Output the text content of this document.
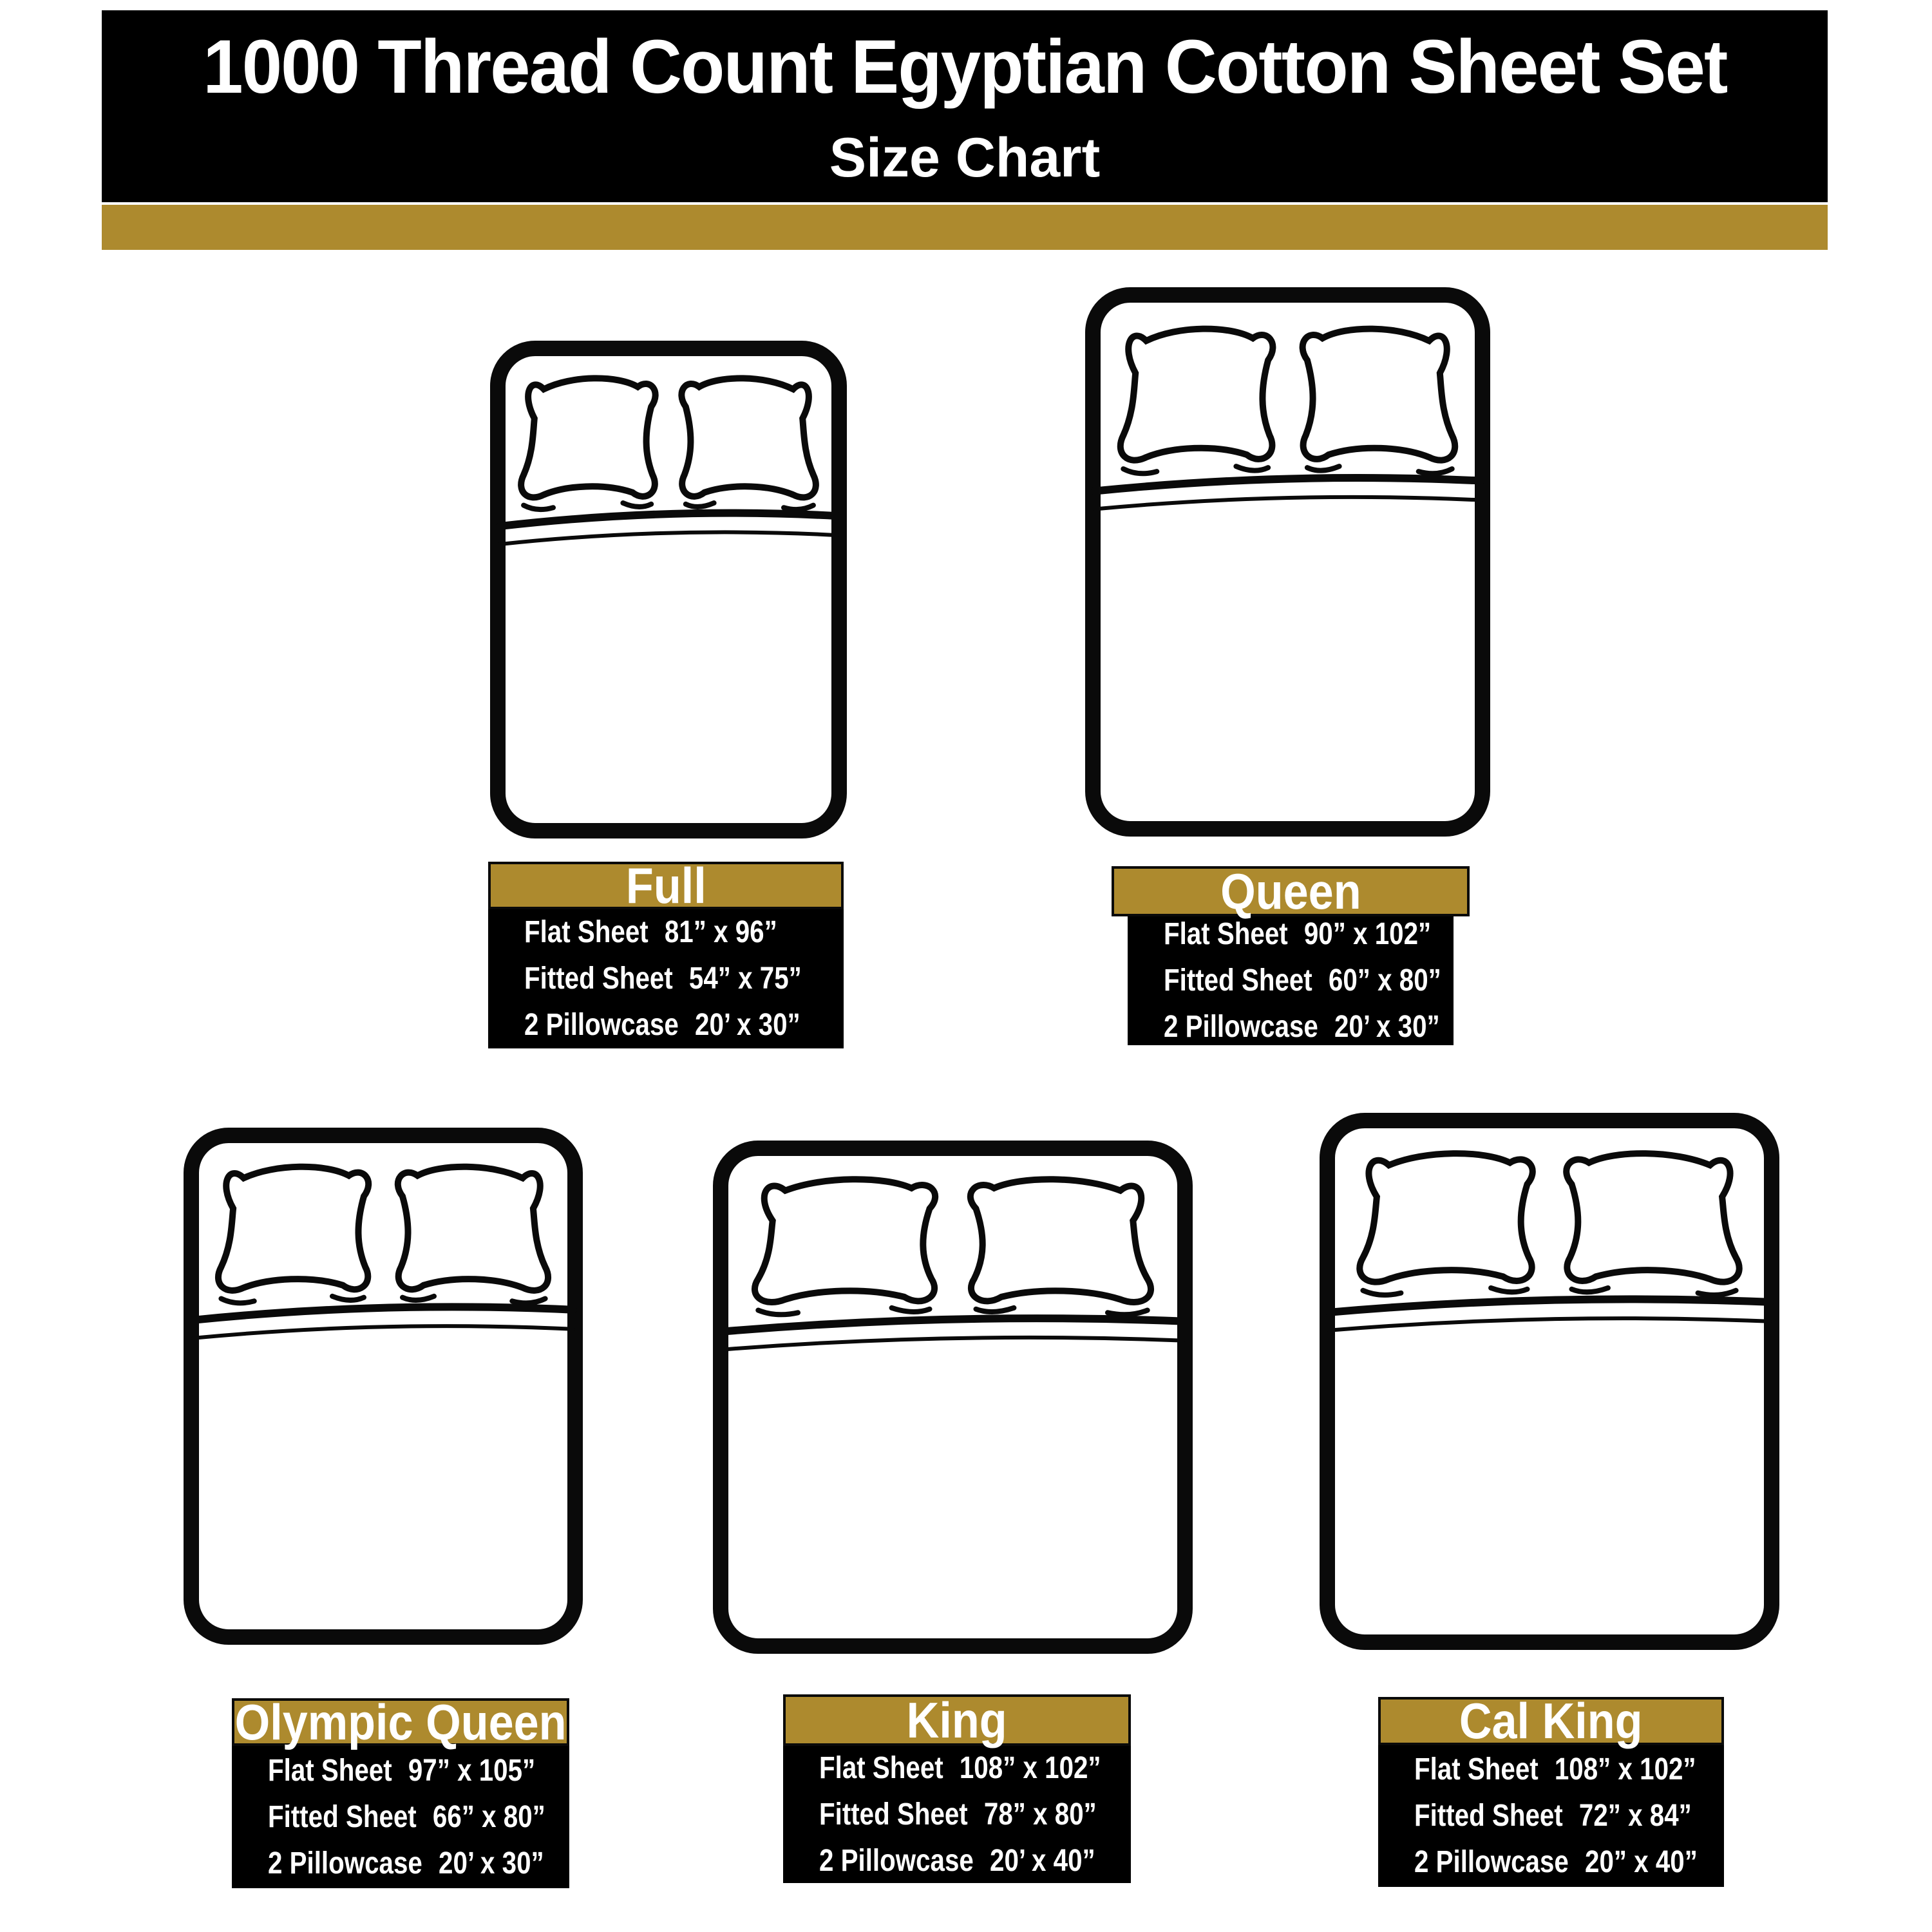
1000 Thread Count Egyptian Cotton Sheet Set
Size Chart
Full
Flat Sheet 81” x 96”
Fitted Sheet 54” x 75”
2 Pillowcase 20’ x 30”
Queen
Flat Sheet 90” x 102”
Fitted Sheet 60” x 80”
2 Pillowcase 20’ x 30”
Olympic Queen
Flat Sheet 97” x 105”
Fitted Sheet 66” x 80”
2 Pillowcase 20’ x 30”
King
Flat Sheet 108” x 102”
Fitted Sheet 78” x 80”
2 Pillowcase 20’ x 40”
Cal King
Flat Sheet 108” x 102”
Fitted Sheet 72” x 84”
2 Pillowcase 20” x 40”
